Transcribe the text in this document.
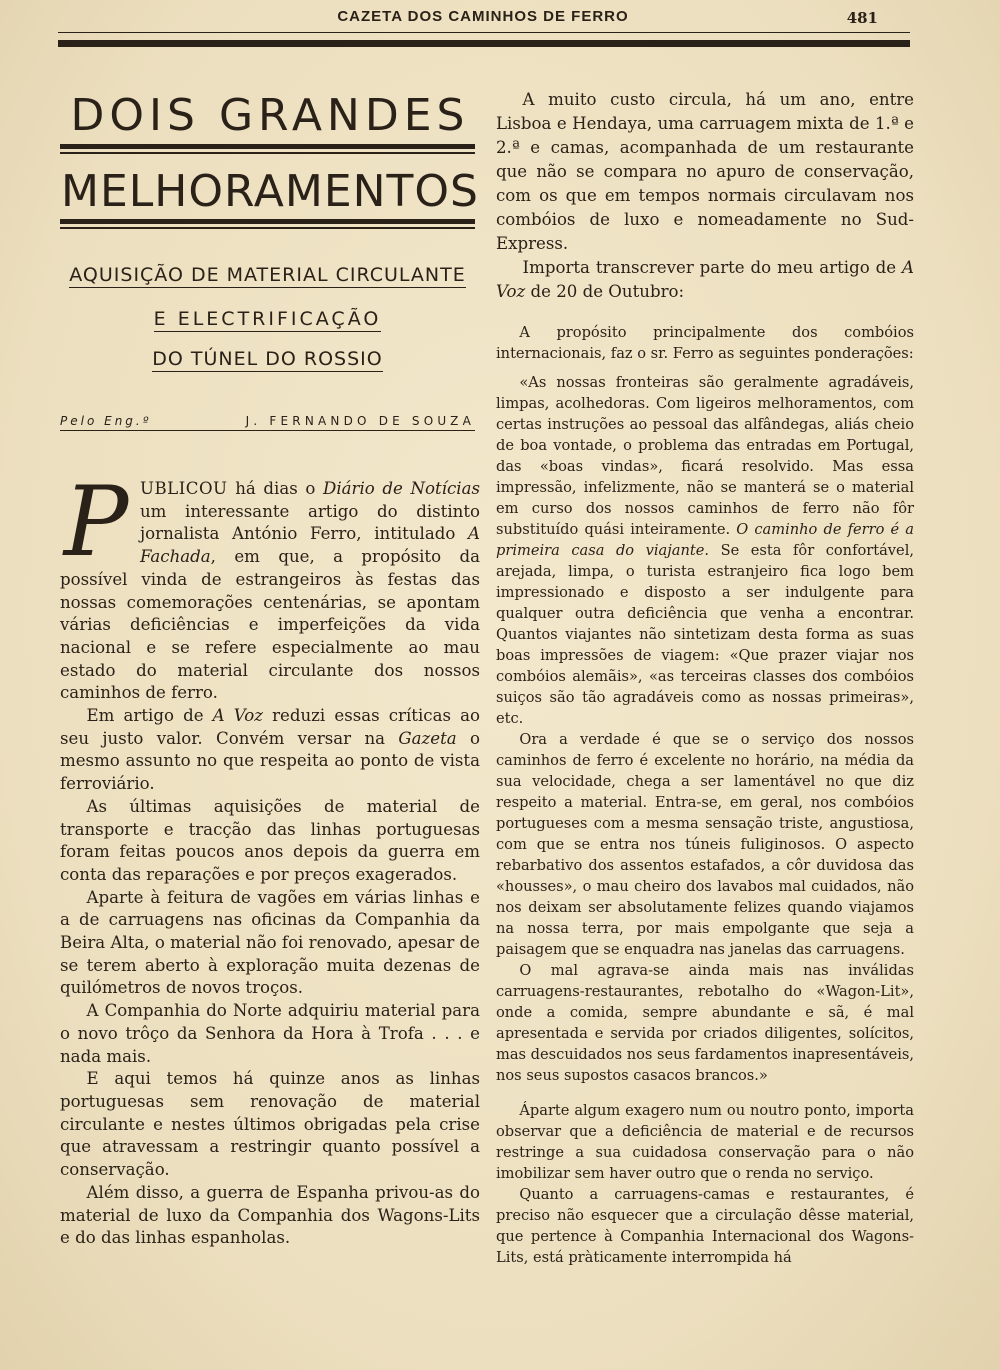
CAZETA DOS CAMINHOS DE FERRO	481
DOIS GRANDES
MELHORAMENTOS
AQUISIÇÃO DE MATERIAL CIRCULANTE
E ELECTRIFICAÇÃO
DO TÚNEL DO ROSSIO
Pelo Eng.º	J. FERNANDO DE SOUZA

PUBLICOU há dias o Diário de Notícias um interessante artigo do distinto jornalista António Ferro, intitulado A Fachada, em que, a propósito da possível vinda de estrangeiros às festas das nossas comemorações centenárias, se apontam várias deficiências e imperfeições da vida nacional e se refere especialmente ao mau estado do material circulante dos nossos caminhos de ferro.

Em artigo de A Voz reduzi essas críticas ao seu justo valor. Convém versar na Gazeta o mesmo assunto no que respeita ao ponto de vista ferroviário.

As últimas aquisições de material de transporte e tracção das linhas portuguesas foram feitas poucos anos depois da guerra em conta das reparações e por preços exagerados.

Aparte à feitura de vagões em várias linhas e a de carruagens nas oficinas da Companhia da Beira Alta, o material não foi renovado, apesar de se terem aberto à exploração muita dezenas de quilómetros de novos troços.

A Companhia do Norte adquiriu material para o novo trôço da Senhora da Hora à Trofa . . . e nada mais.

E aqui temos há quinze anos as linhas portuguesas sem renovação de material circulante e nestes últimos obrigadas pela crise que atravessam a restringir quanto possível a conservação.

Além disso, a guerra de Espanha privou-as do material de luxo da Companhia dos Wagons-Lits e do das linhas espanholas.

A muito custo circula, há um ano, entre Lisboa e Hendaya, uma carruagem mixta de 1.ª e 2.ª e camas, acompanhada de um restaurante que não se compara no apuro de conservação, com os que em tempos normais circulavam nos combóios de luxo e nomeadamente no Sud-Express.

Importa transcrever parte do meu artigo de A Voz de 20 de Outubro:

A propósito principalmente dos combóios internacionais, faz o sr. Ferro as seguintes ponderações:

«As nossas fronteiras são geralmente agradáveis, limpas, acolhedoras. Com ligeiros melhoramentos, com certas instruções ao pessoal das alfândegas, aliás cheio de boa vontade, o problema das entradas em Portugal, das «boas vindas», ficará resolvido. Mas essa impressão, infelizmente, não se manterá se o material em curso dos nossos caminhos de ferro não fôr substituído quási inteiramente. O caminho de ferro é a primeira casa do viajante. Se esta fôr confortável, arejada, limpa, o turista estranjeiro fica logo bem impressionado e disposto a ser indulgente para qualquer outra deficiência que venha a encontrar. Quantos viajantes não sintetizam desta forma as suas boas impressões de viagem: «Que prazer viajar nos combóios alemãis», «as terceiras classes dos combóios suiços são tão agradáveis como as nossas primeiras», etc.

Ora a verdade é que se o serviço dos nossos caminhos de ferro é excelente no horário, na média da sua velocidade, chega a ser lamentável no que diz respeito a material. Entra-se, em geral, nos combóios portugueses com a mesma sensação triste, angustiosa, com que se entra nos túneis fuliginosos. O aspecto rebarbativo dos assentos estafados, a côr duvidosa das «housses», o mau cheiro dos lavabos mal cuidados, não nos deixam ser absolutamente felizes quando viajamos na nossa terra, por mais empolgante que seja a paisagem que se enquadra nas janelas das carruagens.

O mal agrava-se ainda mais nas inválidas carruagens-restaurantes, rebotalho do «Wagon-Lit», onde a comida, sempre abundante e sã, é mal apresentada e servida por criados diligentes, solícitos, mas descuidados nos seus fardamentos inapresentáveis, nos seus supostos casacos brancos.»

Áparte algum exagero num ou noutro ponto, importa observar que a deficiência de material e de recursos restringe a sua cuidadosa conservação para o não imobilizar sem haver outro que o renda no serviço.

Quanto a carruagens-camas e restaurantes, é preciso não esquecer que a circulação dêsse material, que pertence à Companhia Internacional dos Wagons-Lits, está pràticamente interrompida há
